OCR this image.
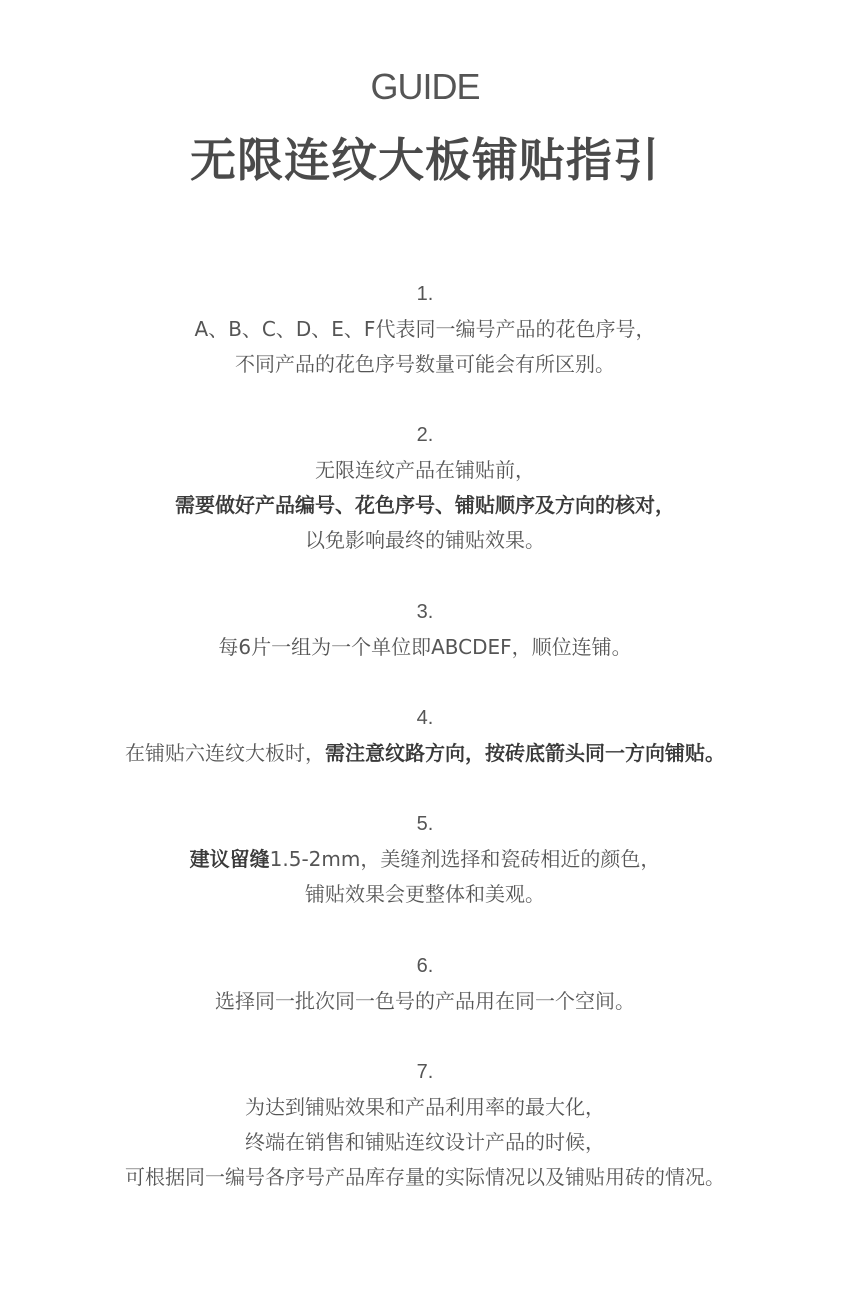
GUIDE
无限连纹大板铺贴指引
1.
A、B、C、D、E、F代表同一编号产品的花色序号，
不同产品的花色序号数量可能会有所区别。
2.
无限连纹产品在铺贴前，
需要做好产品编号、花色序号、铺贴顺序及方向的核对，
以免影响最终的铺贴效果。
3.
每6片一组为一个单位即ABCDEF，顺位连铺。
4.
在铺贴六连纹大板时，需注意纹路方向，按砖底箭头同一方向铺贴。
5.
建议留缝1.5-2mm，美缝剂选择和瓷砖相近的颜色，
铺贴效果会更整体和美观。
6.
选择同一批次同一色号的产品用在同一个空间。
7.
为达到铺贴效果和产品利用率的最大化，
终端在销售和铺贴连纹设计产品的时候，
可根据同一编号各序号产品库存量的实际情况以及铺贴用砖的情况。
